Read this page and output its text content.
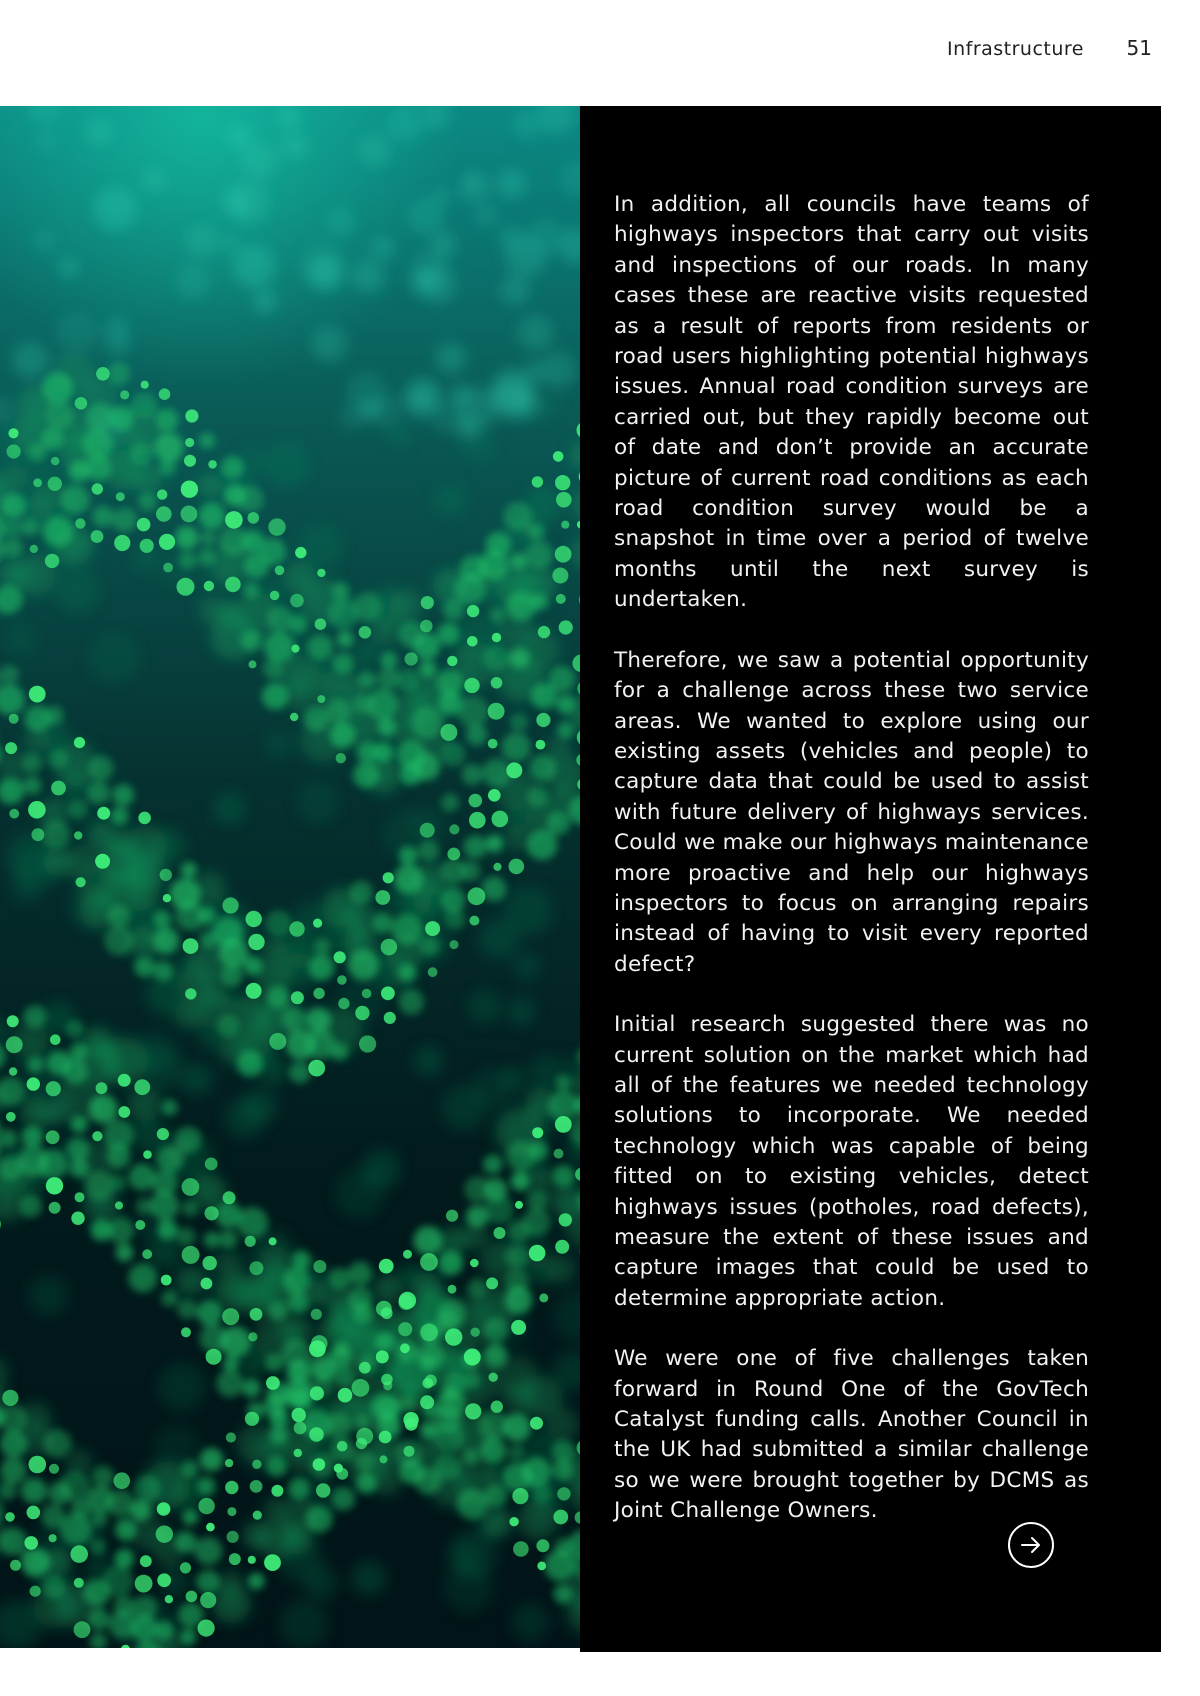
Infrastructure 51

In addition, all councils have teams of highways inspectors that carry out visits and inspections of our roads. In many cases these are reactive visits requested as a result of reports from residents or road users highlighting potential highways issues. Annual road condition surveys are carried out, but they rapidly become out of date and don’t provide an accurate picture of current road conditions as each road condition survey would be a snapshot in time over a period of twelve months until the next survey is undertaken.

Therefore, we saw a potential opportunity for a challenge across these two service areas. We wanted to explore using our existing assets (vehicles and people) to capture data that could be used to assist with future delivery of highways services. Could we make our highways maintenance more proactive and help our highways inspectors to focus on arranging repairs instead of having to visit every reported defect?

Initial research suggested there was no current solution on the market which had all of the features we needed technology solutions to incorporate. We needed technology which was capable of being fitted on to existing vehicles, detect highways issues (potholes, road defects), measure the extent of these issues and capture images that could be used to determine appropriate action.

We were one of five challenges taken forward in Round One of the GovTech Catalyst funding calls. Another Council in the UK had submitted a similar challenge so we were brought together by DCMS as Joint Challenge Owners.
